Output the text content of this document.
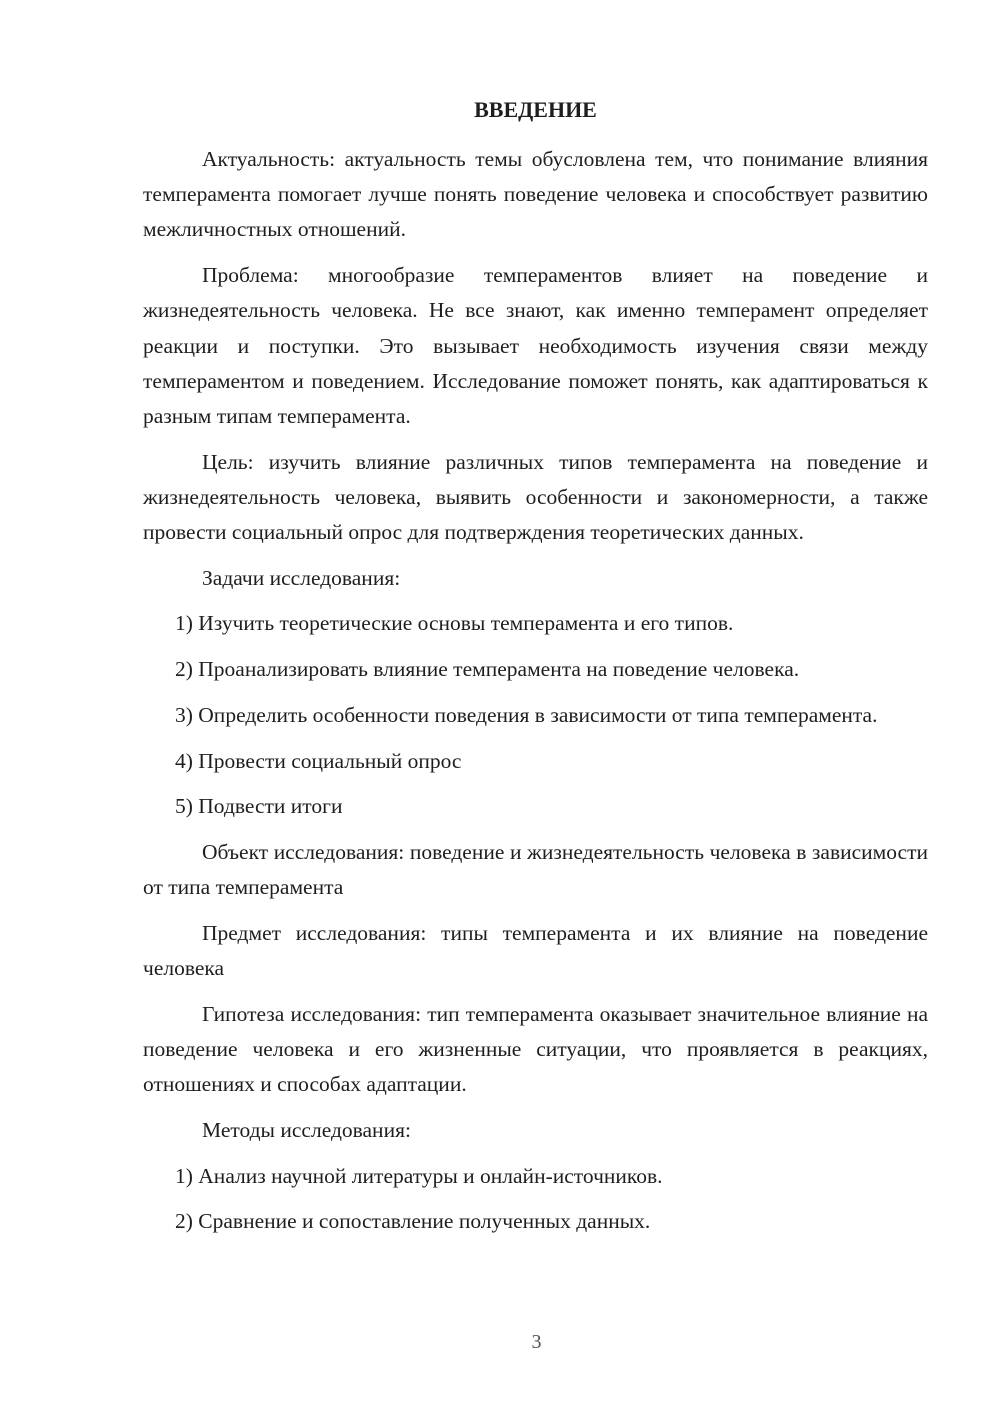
ВВЕДЕНИЕ

Актуальность: актуальность темы обусловлена тем, что понимание влияния темперамента помогает лучше понять поведение человека и способствует развитию межличностных отношений.

Проблема: многообразие темпераментов влияет на поведение и жизнедеятельность человека. Не все знают, как именно темперамент определяет реакции и поступки. Это вызывает необходимость изучения связи между темпераментом и поведением. Исследование поможет понять, как адаптироваться к разным типам темперамента.

Цель: изучить влияние различных типов темперамента на поведение и жизнедеятельность человека, выявить особенности и закономерности, а также провести социальный опрос для подтверждения теоретических данных.

Задачи исследования:

1) Изучить теоретические основы темперамента и его типов.

2) Проанализировать влияние темперамента на поведение человека.

3) Определить особенности поведения в зависимости от типа темперамента.

4) Провести социальный опрос

5) Подвести итоги

Объект исследования: поведение и жизнедеятельность человека в зависимости от типа темперамента

Предмет исследования: типы темперамента и их влияние на поведение человека

Гипотеза исследования: тип темперамента оказывает значительное влияние на поведение человека и его жизненные ситуации, что проявляется в реакциях, отношениях и способах адаптации.

Методы исследования:

1) Анализ научной литературы и онлайн-источников.

2) Сравнение и сопоставление полученных данных.

3
